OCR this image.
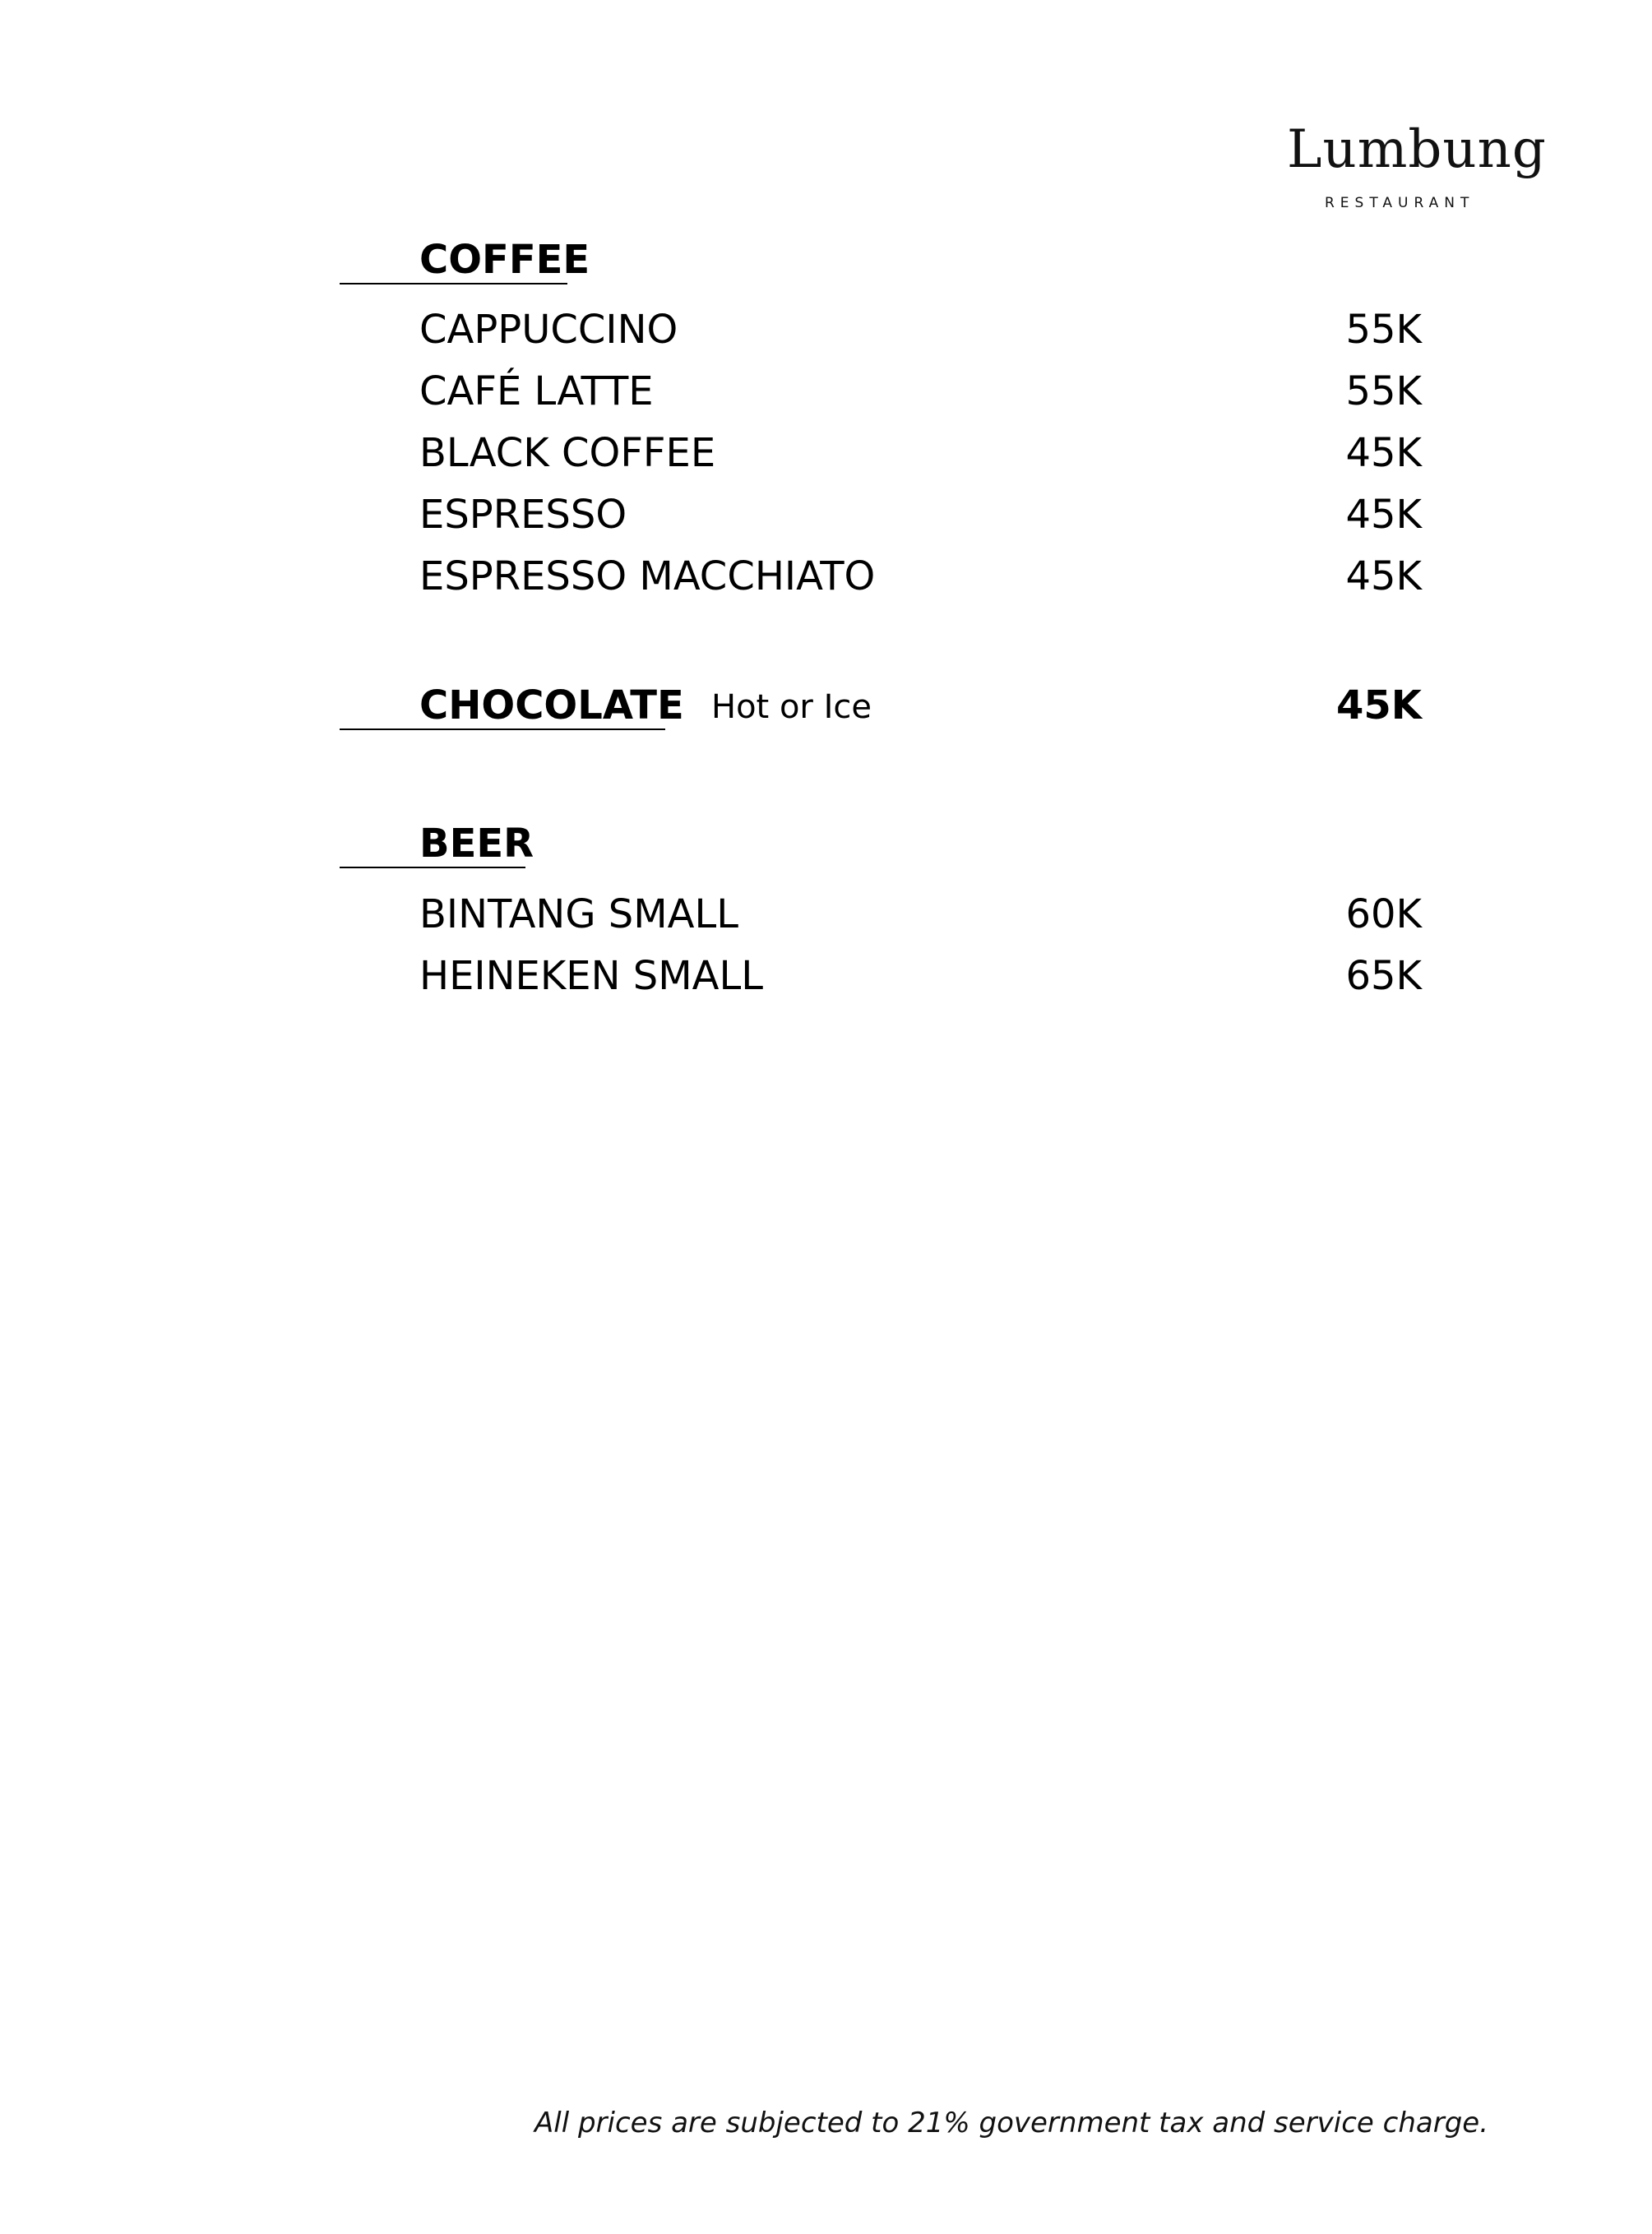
Lumbung
RESTAURANT
COFFEE
CAPPUCCINO	55K
CAFÉ LATTE	55K
BLACK COFFEE	45K
ESPRESSO	45K
ESPRESSO MACCHIATO	45K
CHOCOLATE Hot or Ice	45K
BEER
BINTANG SMALL	60K
HEINEKEN SMALL	65K
All prices are subjected to 21% government tax and service charge.
